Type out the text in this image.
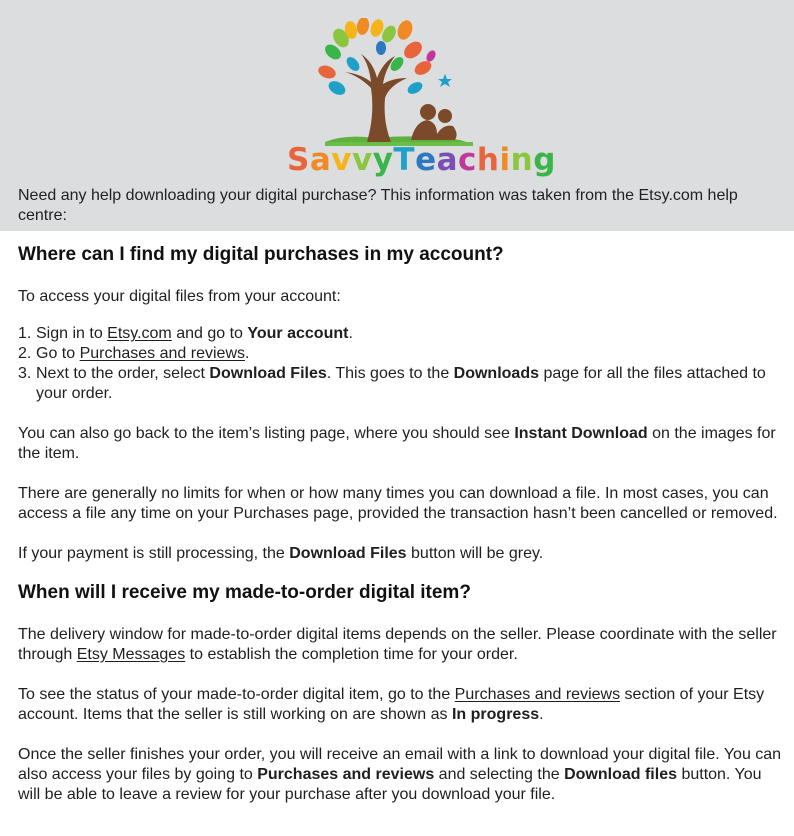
SavvyTeaching

Need any help downloading your digital purchase? This information was taken from the Etsy.com help centre:

Where can I find my digital purchases in my account?

To access your digital files from your account:

1. Sign in to Etsy.com and go to Your account.
2. Go to Purchases and reviews.
3. Next to the order, select Download Files. This goes to the Downloads page for all the files attached to your order.

You can also go back to the item’s listing page, where you should see Instant Download on the images for the item.

There are generally no limits for when or how many times you can download a file. In most cases, you can access a file any time on your Purchases page, provided the transaction hasn’t been cancelled or removed.

If your payment is still processing, the Download Files button will be grey.

When will I receive my made-to-order digital item?

The delivery window for made-to-order digital items depends on the seller. Please coordinate with the seller through Etsy Messages to establish the completion time for your order.

To see the status of your made-to-order digital item, go to the Purchases and reviews section of your Etsy account. Items that the seller is still working on are shown as In progress.

Once the seller finishes your order, you will receive an email with a link to download your digital file. You can also access your files by going to Purchases and reviews and selecting the Download files button. You will be able to leave a review for your purchase after you download your file.
